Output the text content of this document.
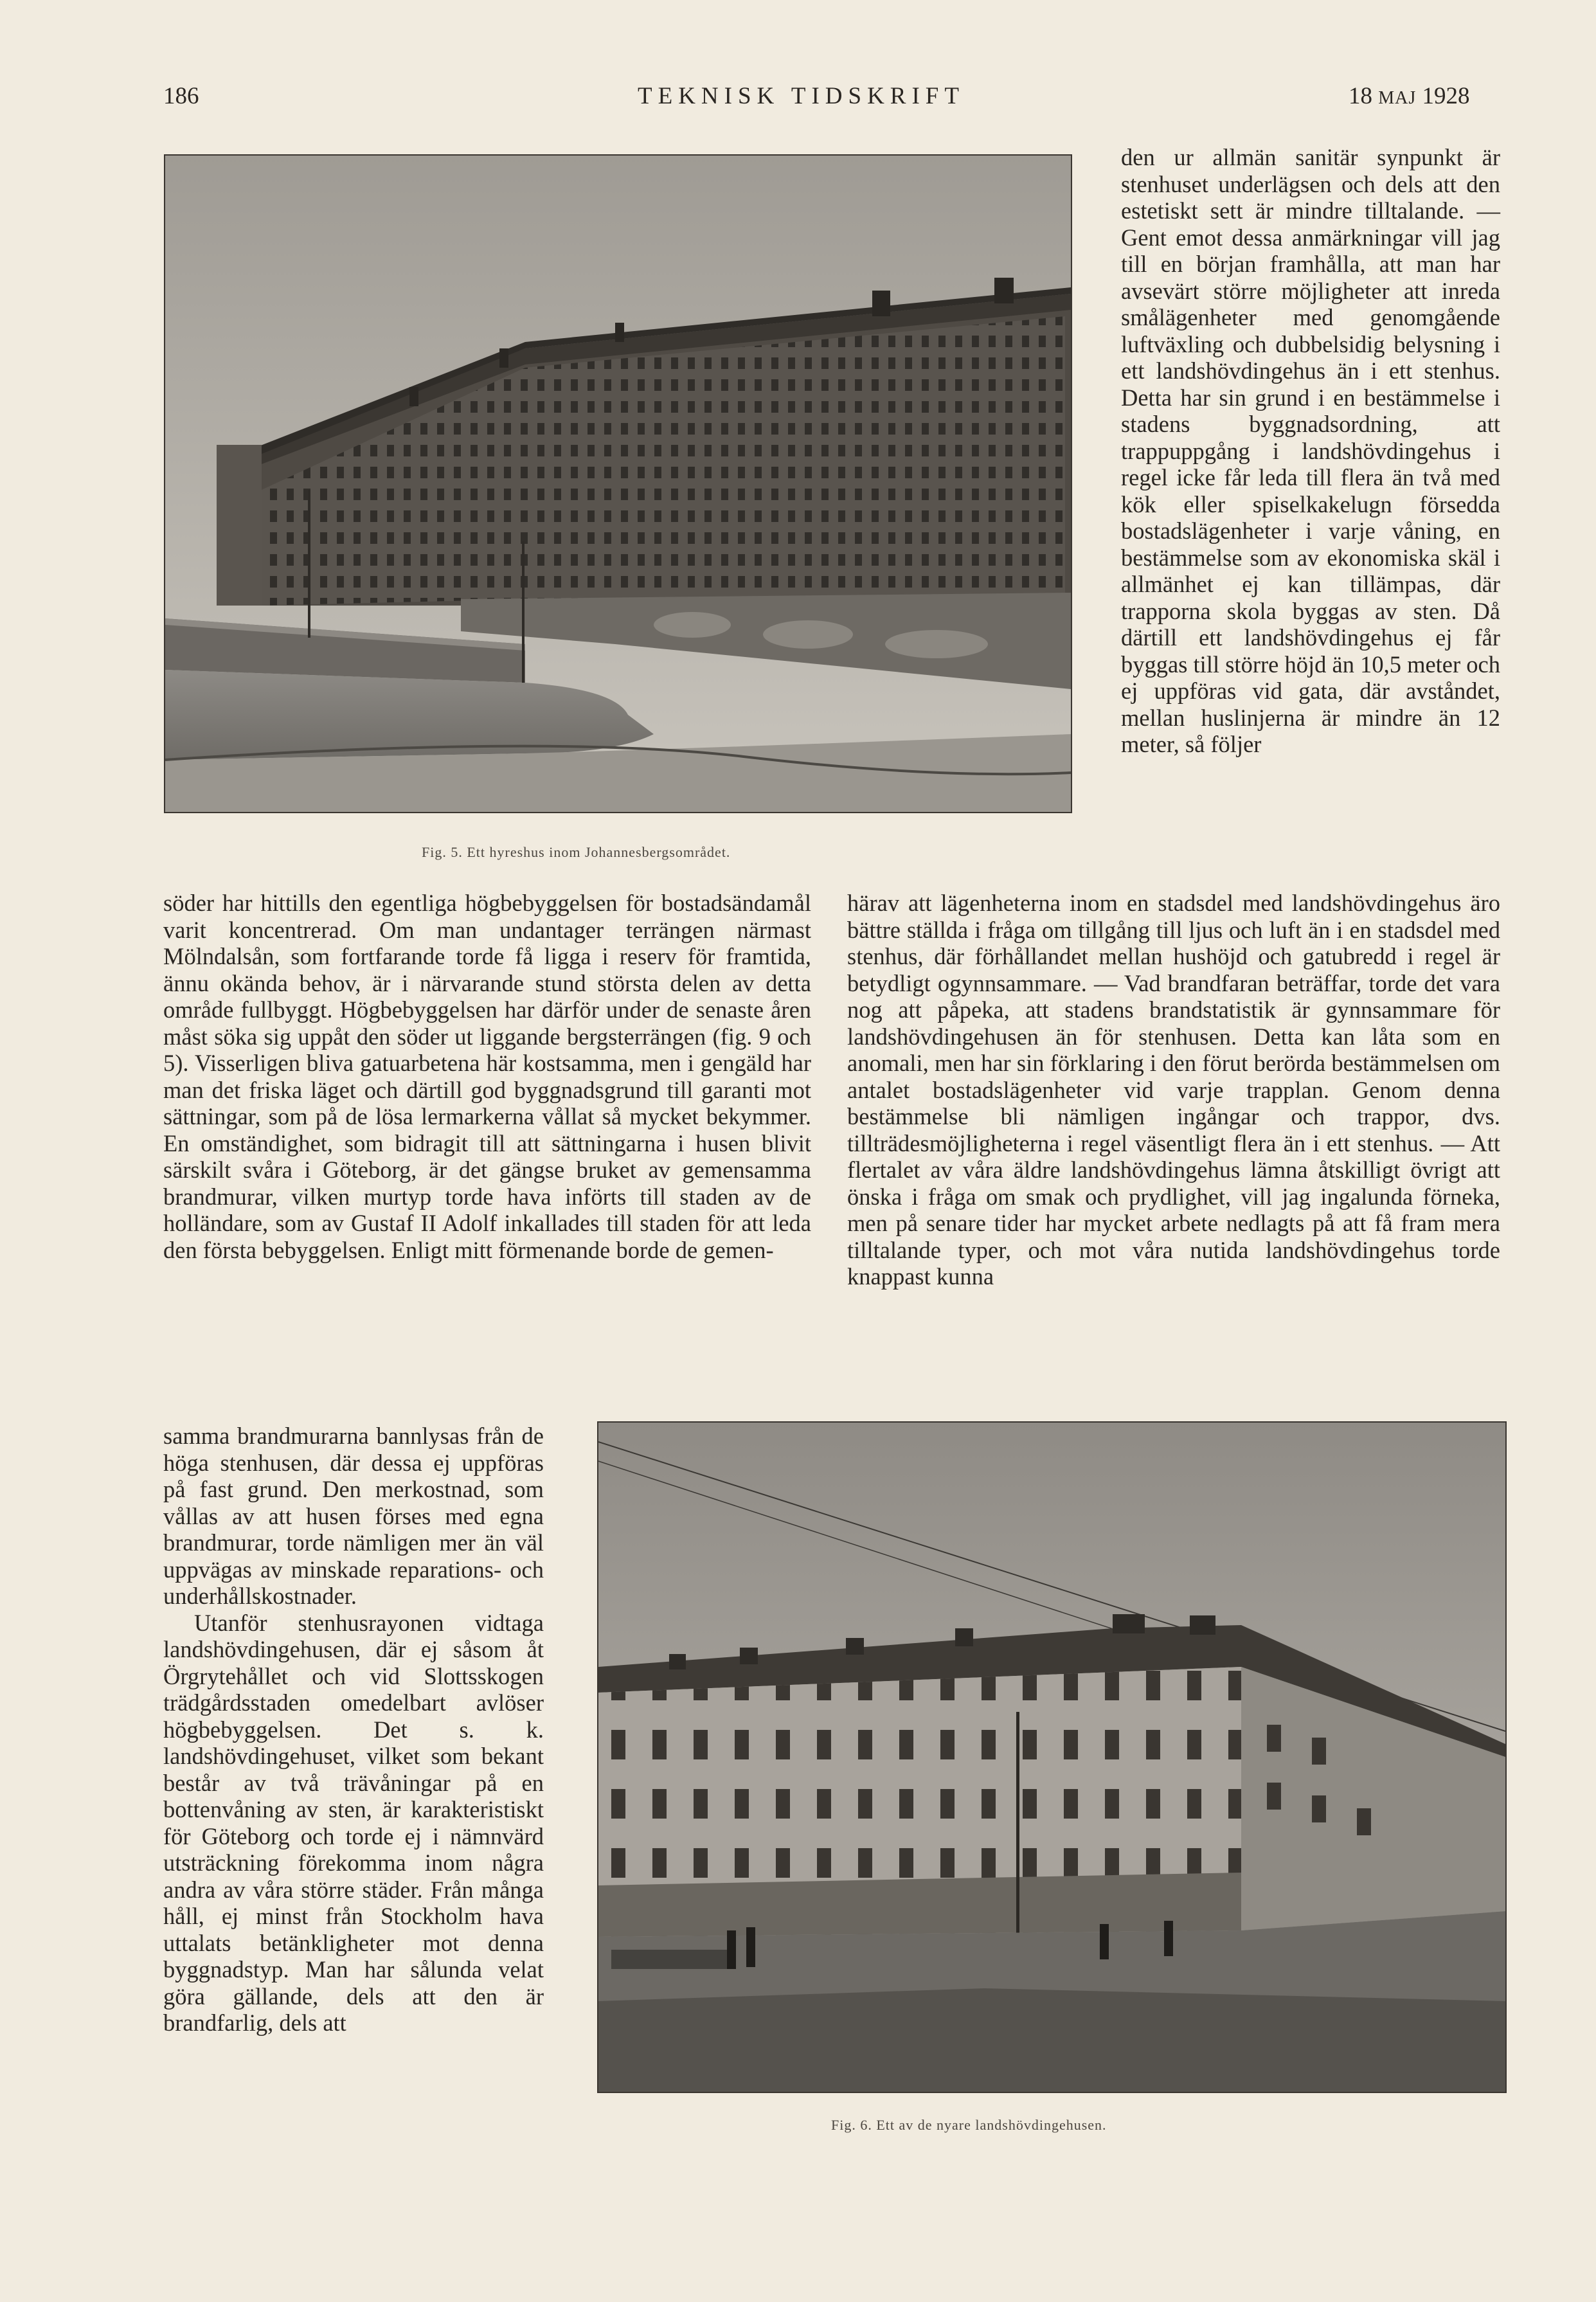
186	TEKNISK TIDSKRIFT	18 MAJ 1928
Fig. 5. Ett hyreshus inom Johannesbergsområdet.

den ur allmän sanitär synpunkt är stenhuset underlägsen och dels att den estetiskt sett är mindre tilltalande. — Gent emot dessa anmärkningar vill jag till en början framhålla, att man har avsevärt större möjligheter att inreda smålägenheter med genomgående luftväxling och dubbelsidig belysning i ett landshövdingehus än i ett stenhus. Detta har sin grund i en bestämmelse i stadens byggnadsordning, att trappuppgång i landshövdingehus i regel icke får leda till flera än två med kök eller spiselkakelugn försedda bostadslägenheter i varje våning, en bestämmelse som av ekonomiska skäl i allmänhet ej kan tillämpas, där trapporna skola byggas av sten. Då därtill ett landshövdingehus ej får byggas till större höjd än 10,5 meter och ej uppföras vid gata, där avståndet, mellan huslinjerna är mindre än 12 meter, så följer

söder har hittills den egentliga högbebyggelsen för bostadsändamål varit koncentrerad. Om man undantager terrängen närmast Mölndalsån, som fortfarande torde få ligga i reserv för framtida, ännu okända behov, är i närvarande stund största delen av detta område fullbyggt. Högbebyggelsen har därför under de senaste åren måst söka sig uppåt den söder ut liggande bergsterrängen (fig. 9 och 5). Visserligen bliva gatuarbetena här kostsamma, men i gengäld har man det friska läget och därtill god byggnadsgrund till garanti mot sättningar, som på de lösa lermarkerna vållat så mycket bekymmer. En omständighet, som bidragit till att sättningarna i husen blivit särskilt svåra i Göteborg, är det gängse bruket av gemensamma brandmurar, vilken murtyp torde hava införts till staden av de holländare, som av Gustaf II Adolf inkallades till staden för att leda den första bebyggelsen. Enligt mitt förmenande borde de gemen-

samma brandmurarna bannlysas från de höga stenhusen, där dessa ej uppföras på fast grund. Den merkostnad, som vållas av att husen förses med egna brandmurar, torde nämligen mer än väl uppvägas av minskade reparations- och underhållskostnader.

Utanför stenhusrayonen vidtaga landshövdingehusen, där ej såsom åt Örgrytehållet och vid Slottsskogen trädgårdsstaden omedelbart avlöser högbebyggelsen. Det s. k. landshövdingehuset, vilket som bekant består av två trävåningar på en bottenvåning av sten, är karakteristiskt för Göteborg och torde ej i nämnvärd utsträckning förekomma inom några andra av våra större städer. Från många håll, ej minst från Stockholm hava uttalats betänkligheter mot denna byggnadstyp. Man har sålunda velat göra gällande, dels att den är brandfarlig, dels att

härav att lägenheterna inom en stadsdel med landshövdingehus äro bättre ställda i fråga om tillgång till ljus och luft än i en stadsdel med stenhus, där förhållandet mellan hushöjd och gatubredd i regel är betydligt ogynnsammare. — Vad brandfaran beträffar, torde det vara nog att påpeka, att stadens brandstatistik är gynnsammare för landshövdingehusen än för stenhusen. Detta kan låta som en anomali, men har sin förklaring i den förut berörda bestämmelsen om antalet bostadslägenheter vid varje trapplan. Genom denna bestämmelse bli nämligen ingångar och trappor, dvs. tillträdesmöjligheterna i regel väsentligt flera än i ett stenhus. — Att flertalet av våra äldre landshövdingehus lämna åtskilligt övrigt att önska i fråga om smak och prydlighet, vill jag ingalunda förneka, men på senare tider har mycket arbete nedlagts på att få fram mera tilltalande typer, och mot våra nutida landshövdingehus torde knappast kunna

Fig. 6. Ett av de nyare landshövdingehusen.
